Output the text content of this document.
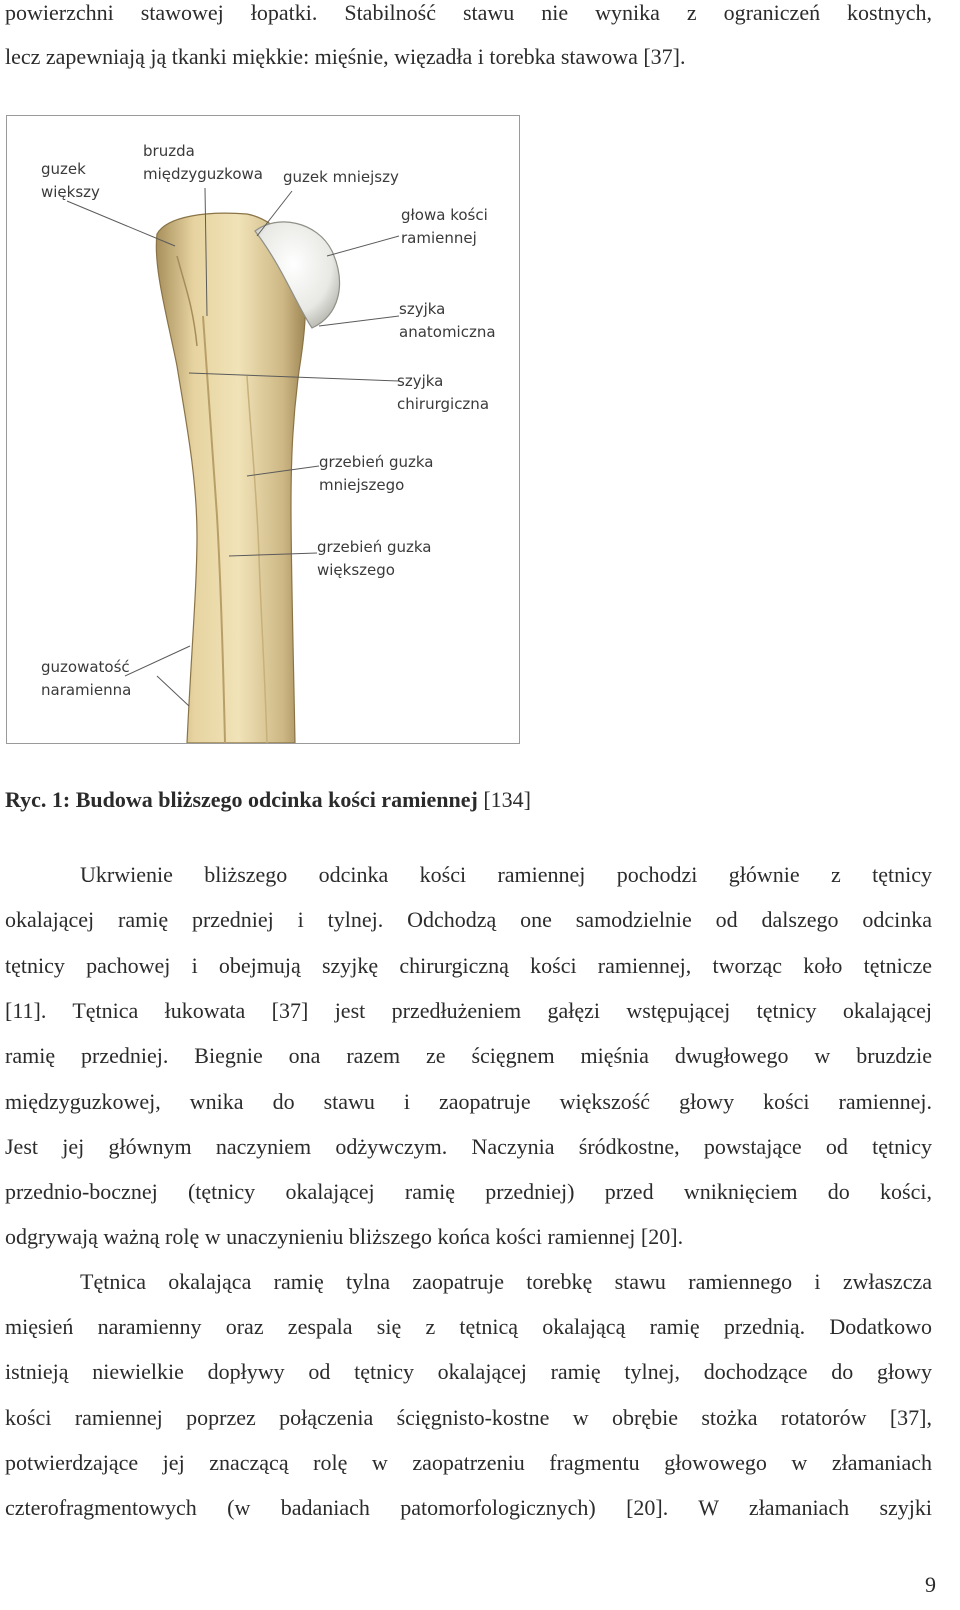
powierzchni stawowej łopatki. Stabilność stawu nie wynika z ograniczeń kostnych,
lecz zapewniają ją tkanki miękkie: mięśnie, więzadła i torebka stawowa [37].
guzek
większy
bruzda
międzyguzkowa guzek mniejszy
głowa kości
ramiennej
szyjka
anatomiczna
szyjka
chirurgiczna
grzebień guzka
mniejszego
grzebień guzka
większego
guzowatość
naramienna
Ryc. 1: Budowa bliższego odcinka kości ramiennej [134]
Ukrwienie bliższego odcinka kości ramiennej pochodzi głównie z tętnicy
okalającej ramię przedniej i tylnej. Odchodzą one samodzielnie od dalszego odcinka
tętnicy pachowej i obejmują szyjkę chirurgiczną kości ramiennej, tworząc koło tętnicze
[11]. Tętnica łukowata [37] jest przedłużeniem gałęzi wstępującej tętnicy okalającej
ramię przedniej. Biegnie ona razem ze ścięgnem mięśnia dwugłowego w bruzdzie
międzyguzkowej, wnika do stawu i zaopatruje większość głowy kości ramiennej.
Jest jej głównym naczyniem odżywczym. Naczynia śródkostne, powstające od tętnicy
przednio-bocznej (tętnicy okalającej ramię przedniej) przed wniknięciem do kości,
odgrywają ważną rolę w unaczynieniu bliższego końca kości ramiennej [20].
Tętnica okalająca ramię tylna zaopatruje torebkę stawu ramiennego i zwłaszcza
mięsień naramienny oraz zespala się z tętnicą okalającą ramię przednią. Dodatkowo
istnieją niewielkie dopływy od tętnicy okalającej ramię tylnej, dochodzące do głowy
kości ramiennej poprzez połączenia ścięgnisto-kostne w obrębie stożka rotatorów [37],
potwierdzające jej znaczącą rolę w zaopatrzeniu fragmentu głowowego w złamaniach
czterofragmentowych (w badaniach patomorfologicznych) [20]. W złamaniach szyjki
9
